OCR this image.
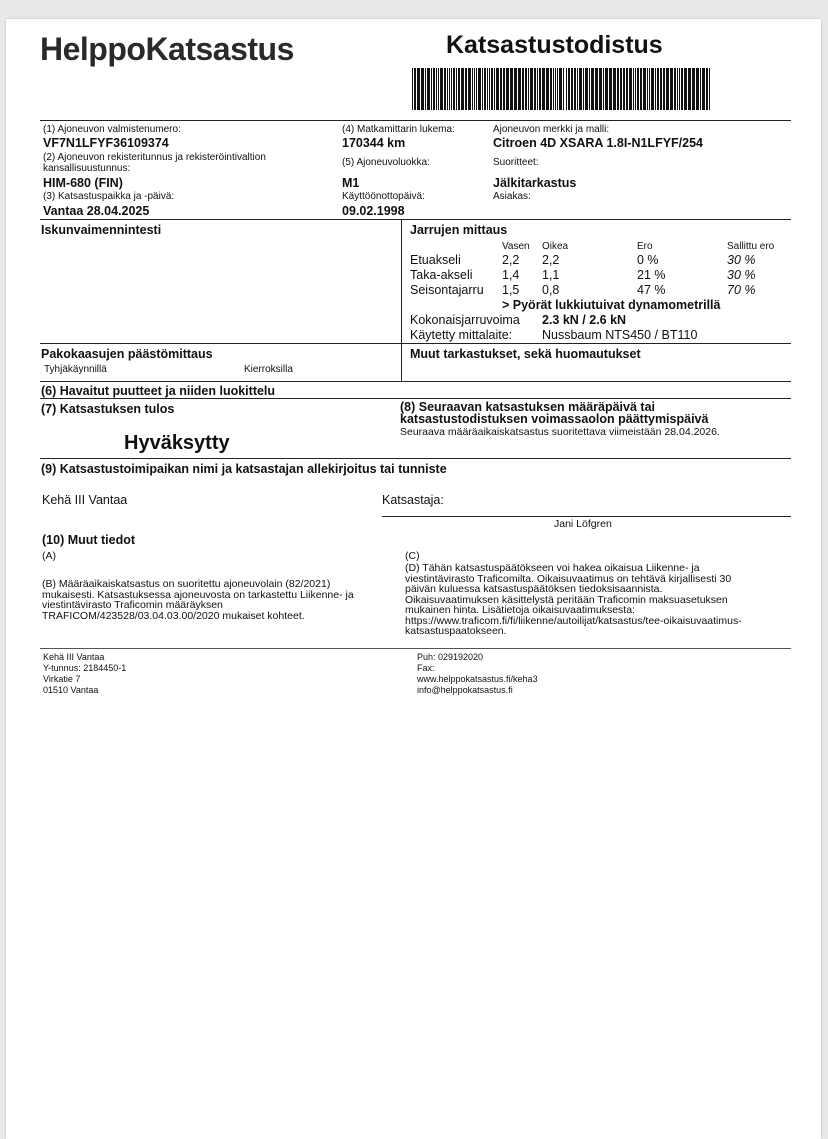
HelppoKatsastus	Katsastustodistus
(1) Ajoneuvon valmistenumero:
VF7N1LFYF36109374
(2) Ajoneuvon rekisteritunnus ja rekisteröintivaltion
kansallisuustunnus:
HIM-680 (FIN)
(3) Katsastuspaikka ja -päivä:
Vantaa 28.04.2025
(4) Matkamittarin lukema:
170344 km
(5) Ajoneuvoluokka:
M1
Käyttöönottopäivä:
09.02.1998
Ajoneuvon merkki ja malli:
Citroen 4D XSARA 1.8I-N1LFYF/254
Suoritteet:
Jälkitarkastus
Asiakas:
Iskunvaimennintesti	Jarrujen mittaus
Vasen Oikea	Ero	Sallittu ero
Etuakseli	2,2 2,2	0 %	30 %
Taka-akseli 1,4 1,1	21 %	30 %
Seisontajarru 1,5 0,8	47 %	70 %
> Pyörät lukkiutuivat dynamometrillä
Kokonaisjarruvoima 2.3 kN / 2.6 kN
Käytetty mittalaite: Nussbaum NTS450 / BT110
Pakokaasujen päästömittaus
Tyhjäkäynnillä	Kierroksilla
Muut tarkastukset, sekä huomautukset
(6) Havaitut puutteet ja niiden luokittelu
(7) Katsastuksen tulos
Hyväksytty
(8) Seuraavan katsastuksen määräpäivä tai
katsastustodistuksen voimassaolon päättymispäivä
Seuraava määräaikaiskatsastus suoritettava viimeistään 28.04.2026.
(9) Katsastustoimipaikan nimi ja katsastajan allekirjoitus tai tunniste
Kehä III Vantaa	Katsastaja:
Jani Löfgren
(10) Muut tiedot
(A)
(B) Määräaikaiskatsastus on suoritettu ajoneuvolain (82/2021)
mukaisesti. Katsastuksessa ajoneuvosta on tarkastettu Liikenne- ja
viestintävirasto Traficomin määräyksen
TRAFICOM/423528/03.04.03.00/2020 mukaiset kohteet.
(C)
(D) Tähän katsastuspäätökseen voi hakea oikaisua Liikenne- ja
viestintävirasto Traficomilta. Oikaisuvaatimus on tehtävä kirjallisesti 30
päivän kuluessa katsastuspäätöksen tiedoksisaannista.
Oikaisuvaatimuksen käsittelystä peritään Traficomin maksuasetuksen
mukainen hinta. Lisätietoja oikaisuvaatimuksesta:
https://www.traficom.fi/fi/liikenne/autoilijat/katsastus/tee-oikaisuvaatimus-
katsastuspaatokseen.
Kehä III Vantaa
Y-tunnus: 2184450-1
Virkatie 7
01510 Vantaa
Puh: 029192020
Fax:
www.helppokatsastus.fi/keha3
info@helppokatsastus.fi
